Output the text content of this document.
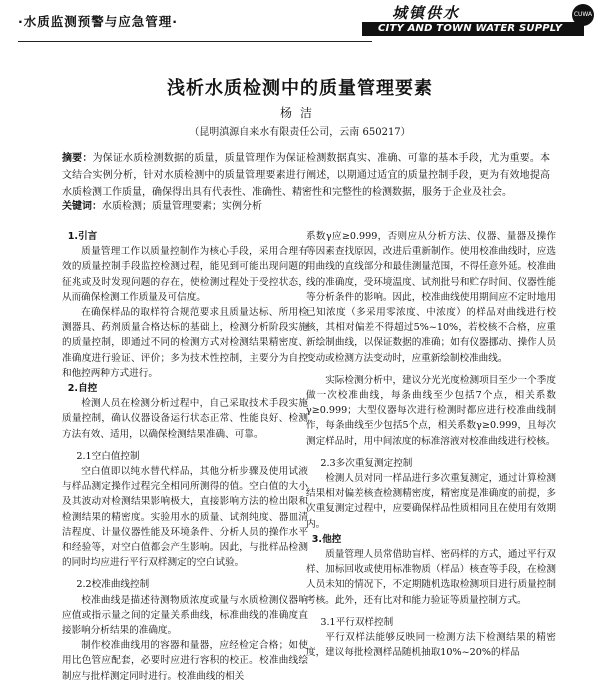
·水质监测预警与应急管理·	城镇供水
CITY AND TOWN WATER SUPPLY
CUWA
浅析水质检测中的质量管理要素
杨洁
（昆明滇源自来水有限责任公司，云南 650217）
摘要：为保证水质检测数据的质量，质量管理作为保证检测数据真实、准确、可靠的基本手段，尤为重要。本文结合实例分析，针对水质检测中的质量管理要素进行阐述，以期通过适宜的质量控制手段，更为有效地提高水质检测工作质量，确保得出具有代表性、准确性、精密性和完整性的检测数据，服务于企业及社会。
关键词：水质检测；质量管理要素；实例分析

1.引言

质量管理工作以质量控制作为核心手段，采用合理有效的质量控制手段监控检测过程，能见到可能出现问题的征兆或及时发现问题的存在，使检测过程处于受控状态，从而确保检测工作质量及可信度。

在确保样品的取样符合规范要求且质量达标、所用检测器具、药剂质量合格达标的基础上，检测分析阶段实施的质量控制，即通过不同的检测方式对检测结果精密度、准确度进行验证、评价；多为技术性控制，主要分为自控和他控两种方式进行。

2.自控

检测人员在检测分析过程中，自己采取技术手段实施质量控制，确认仪器设备运行状态正常、性能良好、检测方法有效、适用，以确保检测结果准确、可靠。

2.1空白值控制

空白值即以纯水替代样品，其他分析步骤及使用试液与样品测定操作过程完全相同所测得的值。空白值的大小及其波动对检测结果影响极大，直接影响方法的检出限和检测结果的精密度。实验用水的质量、试剂纯度、器皿清洁程度、计量仪器性能及环境条件、分析人员的操作水平和经验等，对空白值都会产生影响。因此，与批样品检测的同时均应进行平行双样测定的空白试验。

2.2校准曲线控制

校准曲线是描述待测物质浓度或量与水质检测仪器响应值或指示量之间的定量关系曲线，标准曲线的准确度直接影响分析结果的准确度。

制作校准曲线用的容器和量器，应经检定合格；如使用比色管应配套，必要时应进行容积的校正。校准曲线绘制应与批样测定同时进行。校准曲线的相关

系数γ应≥0.999，否则应从分析方法、仪器、量器及操作等因素查找原因，改进后重新制作。使用校准曲线时，应选用曲线的直线部分和最佳测量范围，不得任意外延。校准曲线的准确度，受环境温度、试剂批号和贮存时间、仪器性能等分析条件的影响。因此，校准曲线使用期间应不定时地用已知浓度（多采用零浓度、中浓度）的样品对曲线进行校核，其相对偏差不得超过5%~10%，若校核不合格，应重新绘制曲线，以保证数据的准确；如有仪器挪动、操作人员变动或检测方法变动时，应重新绘制校准曲线。

实际检测分析中，建议分光光度检测项目至少一个季度做一次校准曲线，每条曲线至少包括7个点，相关系数γ≥0.999；大型仪器每次进行检测时都应进行校准曲线制作，每条曲线至少包括5个点，相关系数γ≥0.999，且每次测定样品时，用中间浓度的标准溶液对校准曲线进行校核。

2.3多次重复测定控制

检测人员对同一样品进行多次重复测定，通过计算检测结果相对偏差核查检测精密度，精密度是准确度的前提，多次重复测定过程中，应要确保样品性质相同且在使用有效期内。

3.他控

质量管理人员常借助盲样、密码样的方式，通过平行双样、加标回收或使用标准物质（样品）核查等手段，在检测人员未知的情况下，不定期随机选取检测项目进行质量控制考核。此外，还有比对和能力验证等质量控制方式。

3.1平行双样控制

平行双样法能够反映同一检测方法下检测结果的精密度，建议每批检测样品随机抽取10%~20%的样品
